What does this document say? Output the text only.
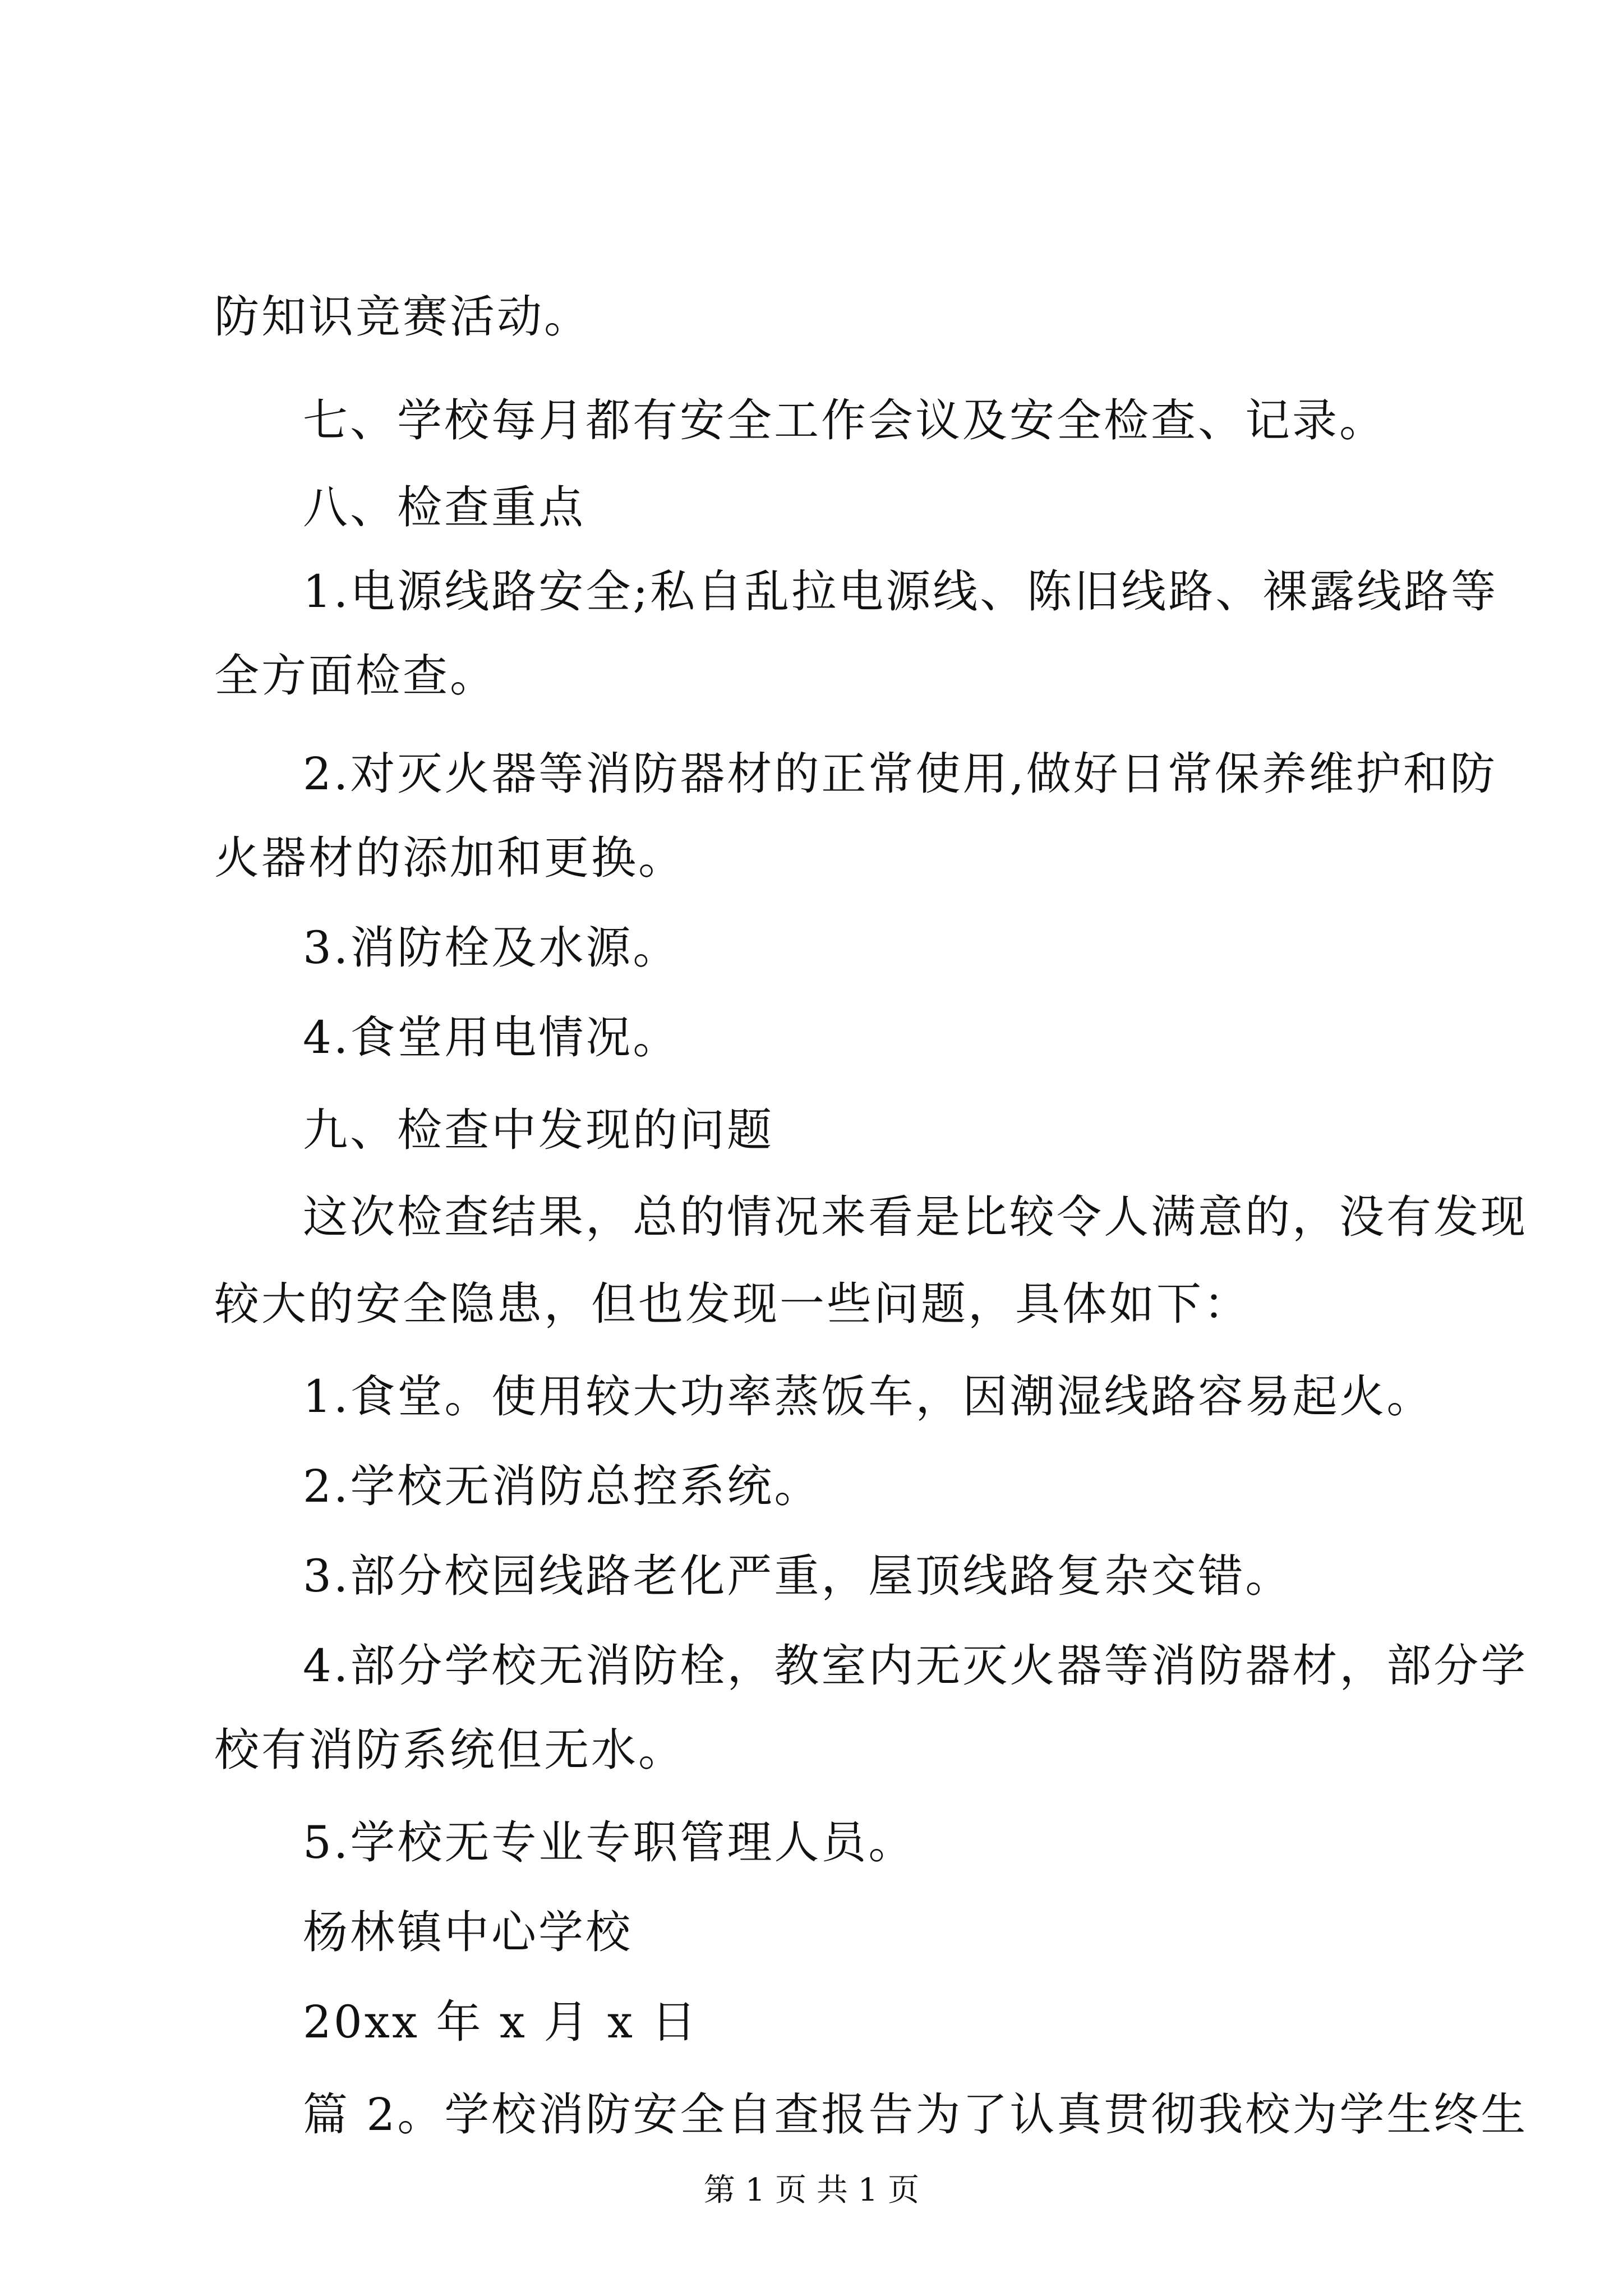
防知识竞赛活动。
七、学校每月都有安全工作会议及安全检查、记录。
八、检查重点
1.电源线路安全;私自乱拉电源线、陈旧线路、裸露线路等
全方面检查。
2.对灭火器等消防器材的正常使用,做好日常保养维护和防
火器材的添加和更换。
3.消防栓及水源。
4.食堂用电情况。
九、检查中发现的问题
这次检查结果，总的情况来看是比较令人满意的，没有发现
较大的安全隐患，但也发现一些问题，具体如下：
1.食堂。使用较大功率蒸饭车，因潮湿线路容易起火。
2.学校无消防总控系统。
3.部分校园线路老化严重，屋顶线路复杂交错。
4.部分学校无消防栓，教室内无灭火器等消防器材，部分学
校有消防系统但无水。
5.学校无专业专职管理人员。
杨林镇中心学校
20xx 年 x 月 x 日
篇 2。学校消防安全自查报告为了认真贯彻我校为学生终生
第 1 页 共 1 页
